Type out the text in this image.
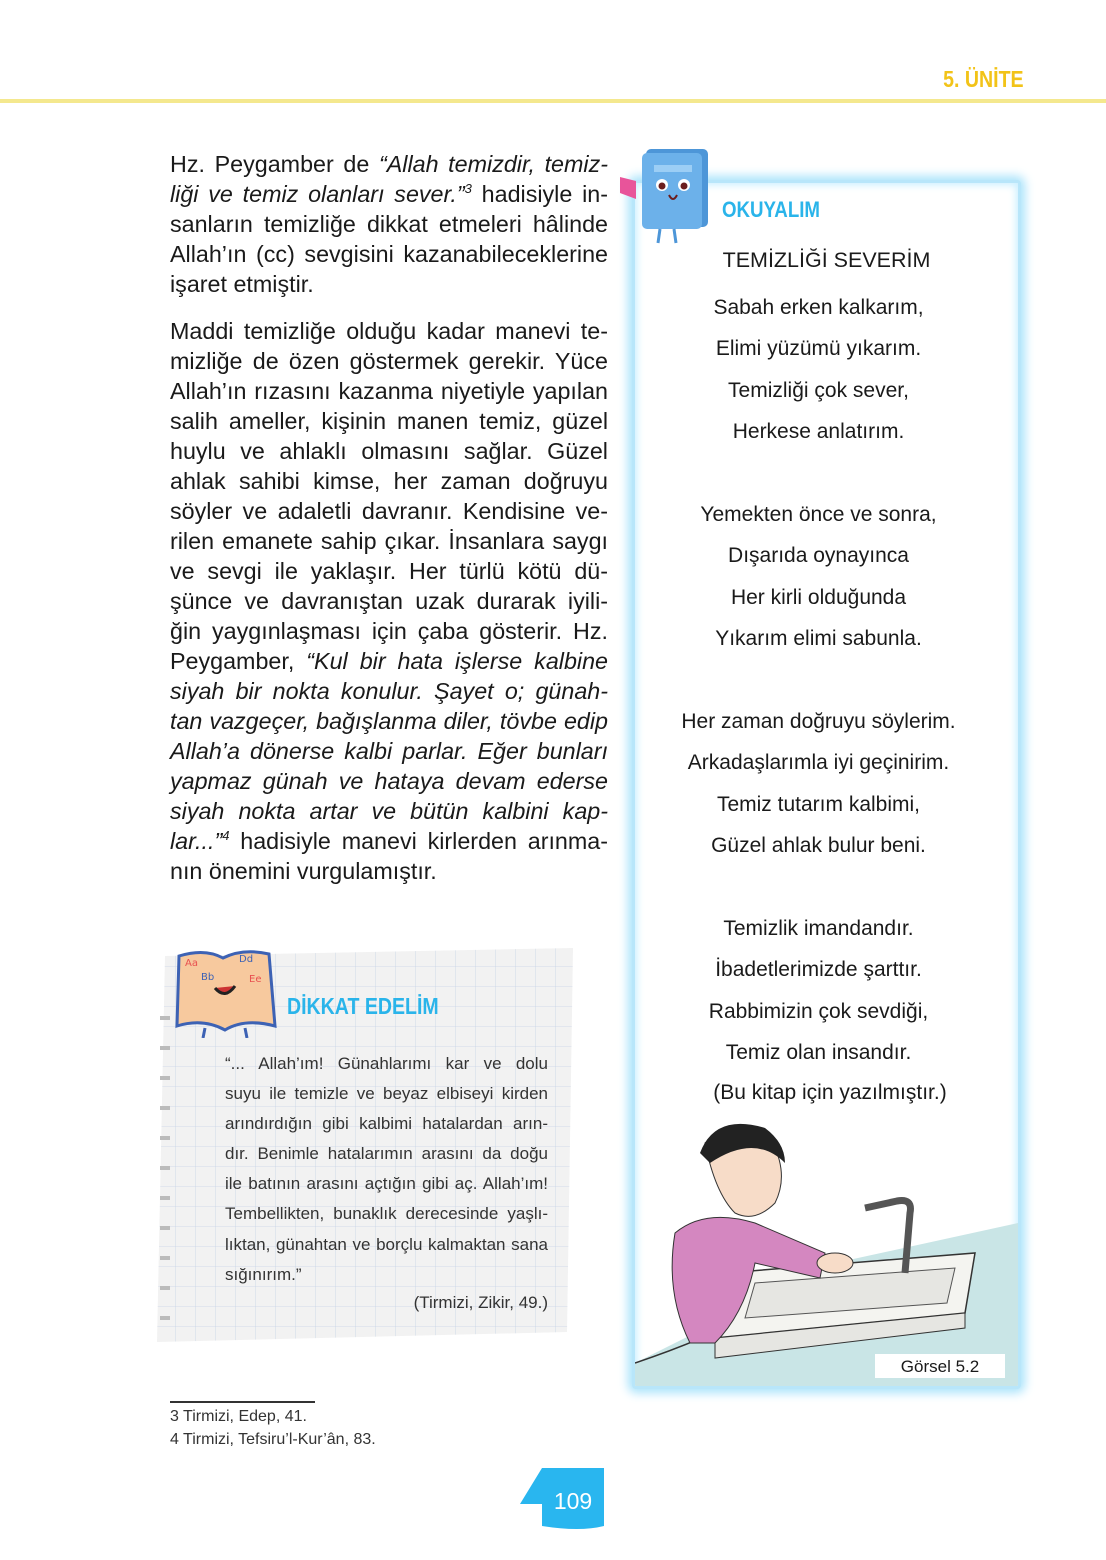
5. ÜNİTE
Hz. Peygamber de “Allah temizdir, temiz-
liği ve temiz olanları sever.”$^3$ hadisiyle in-
sanların temizliğe dikkat etmeleri hâlinde
Allah’ın (cc) sevgisini kazanabileceklerine
işaret etmiştir.
Maddi temizliğe olduğu kadar manevi te-
mizliğe de özen göstermek gerekir. Yüce
Allah’ın rızasını kazanma niyetiyle yapılan
salih ameller, kişinin manen temiz, güzel
huylu ve ahlaklı olmasını sağlar. Güzel
ahlak sahibi kimse, her zaman doğruyu
söyler ve adaletli davranır. Kendisine ve-
rilen emanete sahip çıkar. İnsanlara saygı
ve sevgi ile yaklaşır. Her türlü kötü dü-
şünce ve davranıştan uzak durarak iyili-
ğin yaygınlaşması için çaba gösterir. Hz.
Peygamber, “Kul bir hata işlerse kalbine
siyah bir nokta konulur. Şayet o; günah-
tan vazgeçer, bağışlanma diler, tövbe edip
Allah’a dönerse kalbi parlar. Eğer bunları
yapmaz günah ve hataya devam ederse
siyah nokta artar ve bütün kalbini kap-
lar...”$^4$ hadisiyle manevi kirlerden arınma-
nın önemini vurgulamıştır.
OKUYALIM
TEMİZLİĞİ SEVERİM
Sabah erken kalkarım,
Elimi yüzümü yıkarım.
Temizliği çok sever,
Herkese anlatırım.
Yemekten önce ve sonra,
Dışarıda oynayınca
Her kirli olduğunda
Yıkarım elimi sabunla.
Her zaman doğruyu söylerim.
Arkadaşlarımla iyi geçinirim.
Temiz tutarım kalbimi,
Güzel ahlak bulur beni.
Temizlik imandandır.
İbadetlerimizde şarttır.
Rabbimizin çok sevdiği,
Temiz olan insandır.
(Bu kitap için yazılmıştır.)
Görsel 5.2
Aa	Dd
Bb	Ee
DİKKAT EDELİM
“... Allah’ım! Günahlarımı kar ve dolu
suyu ile temizle ve beyaz elbiseyi kirden
arındırdığın gibi kalbimi hatalardan arın-
dır. Benimle hatalarımın arasını da doğu
ile batının arasını açtığın gibi aç. Allah’ım!
Tembellikten, bunaklık derecesinde yaşlı-
lıktan, günahtan ve borçlu kalmaktan sana
sığınırım.”
(Tirmizi, Zikir, 49.)
3 Tirmizi, Edep, 41.
4 Tirmizi, Tefsiru’l-Kur’ân, 83.
109
